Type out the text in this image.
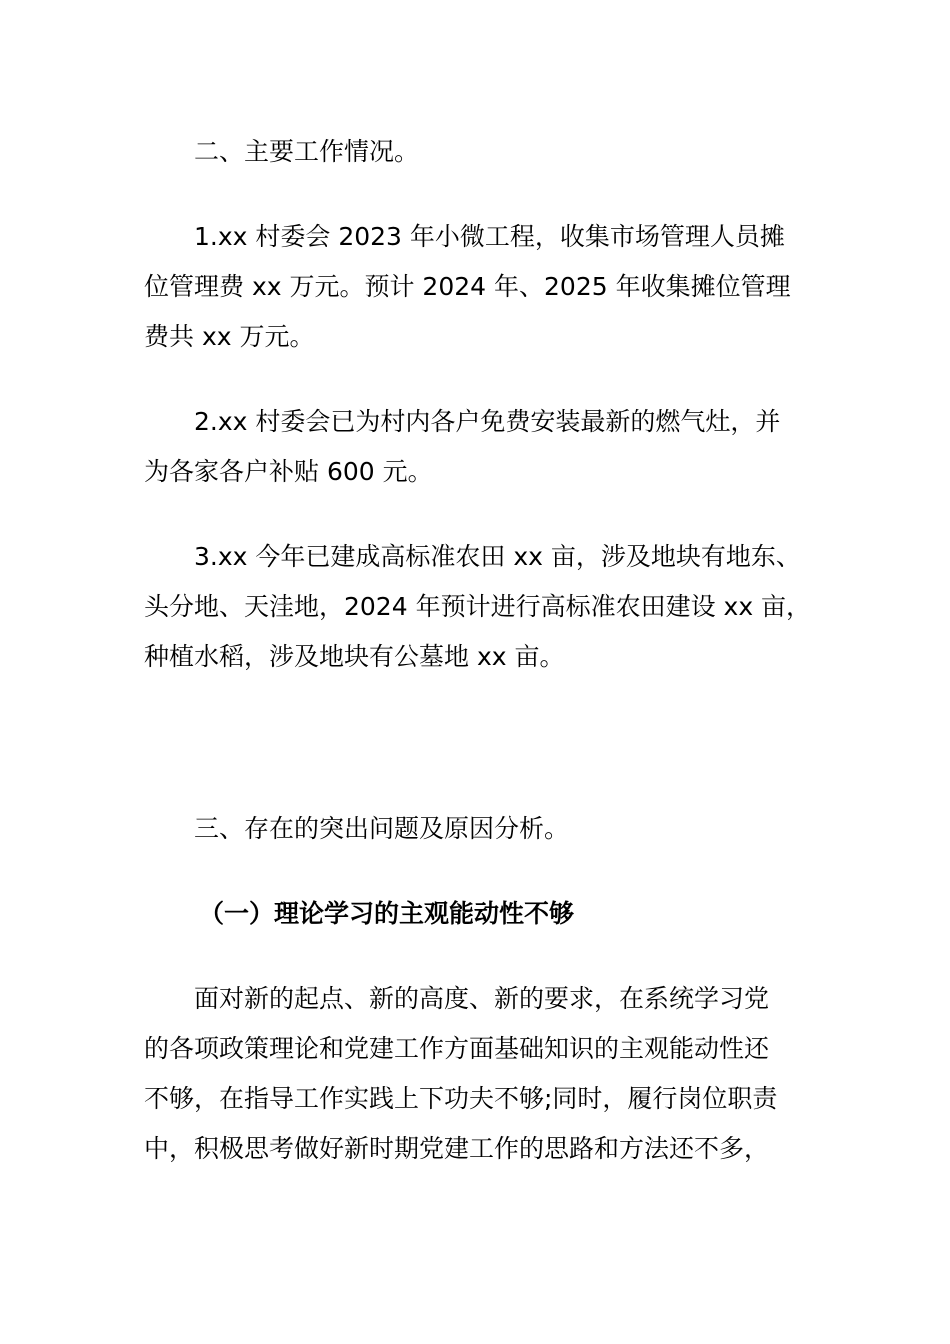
二、主要工作情况。

1.xx 村委会 2023 年小微工程，收集市场管理人员摊
位管理费 xx 万元。预计 2024 年、2025 年收集摊位管理
费共 xx 万元。

2.xx 村委会已为村内各户免费安装最新的燃气灶，并
为各家各户补贴 600 元。

3.xx 今年已建成高标准农田 xx 亩，涉及地块有地东、
头分地、天洼地，2024 年预计进行高标准农田建设 xx 亩，
种植水稻，涉及地块有公墓地 xx 亩。

三、存在的突出问题及原因分析。

（一）理论学习的主观能动性不够

面对新的起点、新的高度、新的要求，在系统学习党
的各项政策理论和党建工作方面基础知识的主观能动性还
不够，在指导工作实践上下功夫不够;同时，履行岗位职责
中，积极思考做好新时期党建工作的思路和方法还不多，
